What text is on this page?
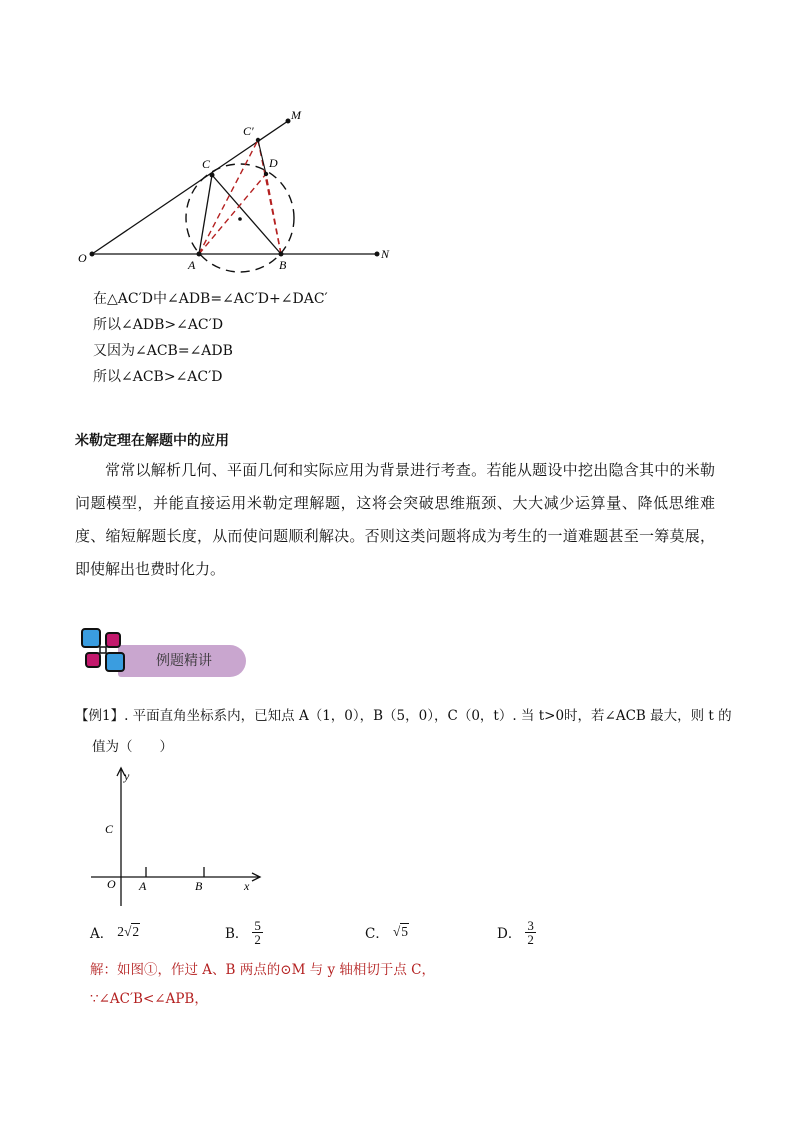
O	A	B
N
M
C
C′
D
在△AC′D中∠ADB=∠AC′D+∠DAC′
所以∠ADB>∠AC′D
又因为∠ACB=∠ADB
所以∠ACB>∠AC′D
米勒定理在解题中的应用

常常以解析几何、平面几何和实际应用为背景进行考查。若能从题设中挖出隐含其中的米勒问题模型，并能直接运用米勒定理解题，这将会突破思维瓶颈、大大减少运算量、降低思维难度、缩短解题长度，从而使问题顺利解决。否则这类问题将成为考生的一道难题甚至一筹莫展，即使解出也费时化力。

例题精讲
【例1】. 平面直角坐标系内，已知点 A（1，0），B（5，0），C（0，t）. 当 t>0时，若∠ACB 最大，则 t 的
值为（　　）
y
C
O A	B	x
A． 2√2	B． $\frac{5}{2}$	C． √5	D． $\frac{3}{2}$
解：如图①，作过 A、B 两点的⊙M 与 y 轴相切于点 C，
∵∠AC′B<∠APB，
